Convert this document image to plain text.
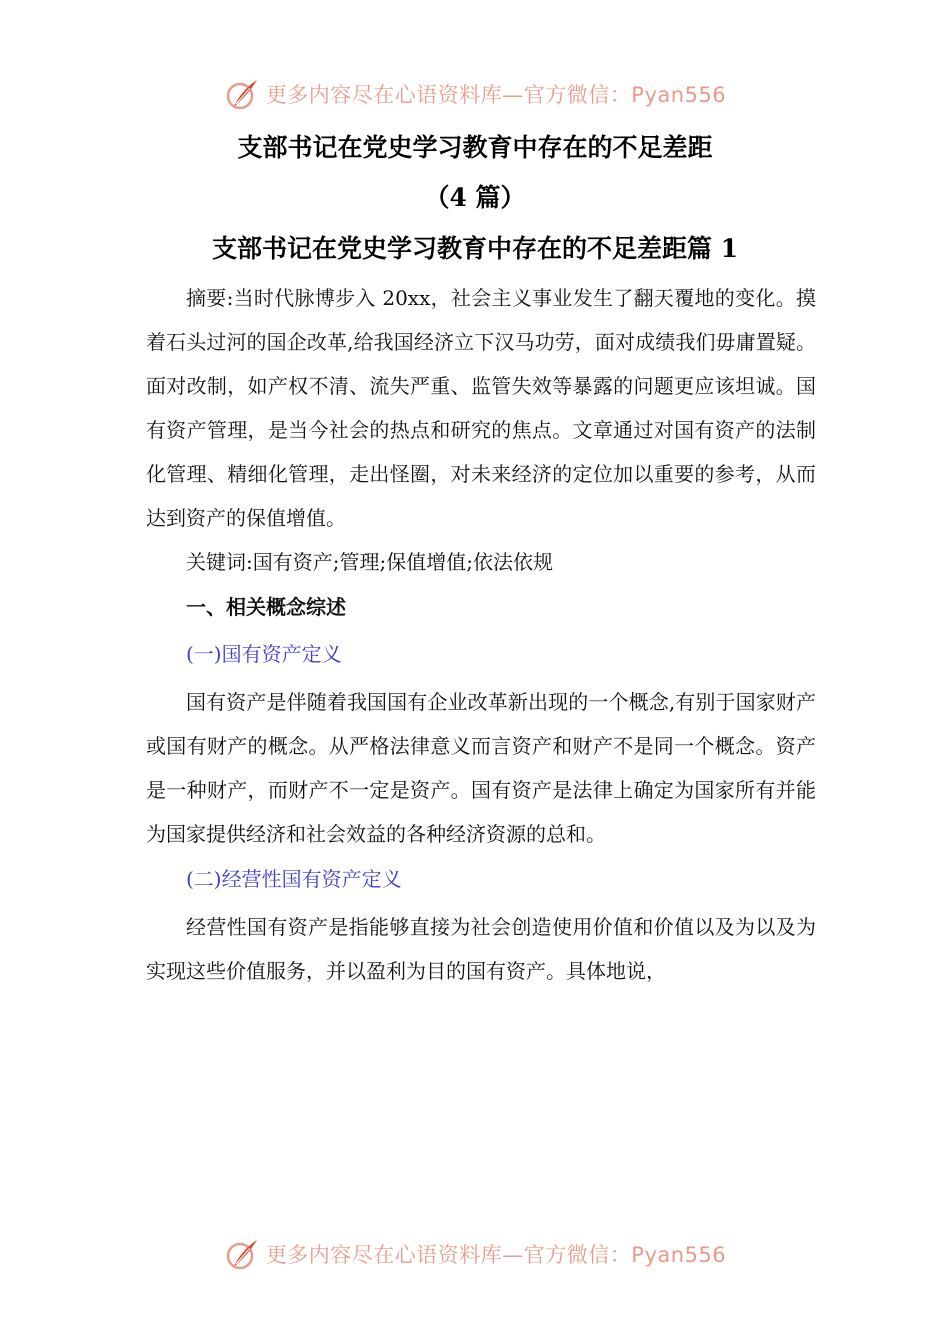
更多内容尽在心语资料库—官方微信：Pyan556
支部书记在党史学习教育中存在的不足差距
（4 篇）
支部书记在党史学习教育中存在的不足差距篇 1

摘要:当时代脉博步入 20xx，社会主义事业发生了翻天覆地的变化。摸着石头过河的国企改革,给我国经济立下汉马功劳，面对成绩我们毋庸置疑。面对改制，如产权不清、流失严重、监管失效等暴露的问题更应该坦诚。国有资产管理，是当今社会的热点和研究的焦点。文章通过对国有资产的法制化管理、精细化管理，走出怪圈，对未来经济的定位加以重要的参考，从而达到资产的保值增值。

关键词:国有资产;管理;保值增值;依法依规

一、相关概念综述
(一)国有资产定义

国有资产是伴随着我国国有企业改革新出现的一个概念,有别于国家财产或国有财产的概念。从严格法律意义而言资产和财产不是同一个概念。资产是一种财产，而财产不一定是资产。国有资产是法律上确定为国家所有并能为国家提供经济和社会效益的各种经济资源的总和。

(二)经营性国有资产定义

经营性国有资产是指能够直接为社会创造使用价值和价值以及为以及为实现这些价值服务，并以盈利为目的国有资产。具体地说，

更多内容尽在心语资料库—官方微信：Pyan556
